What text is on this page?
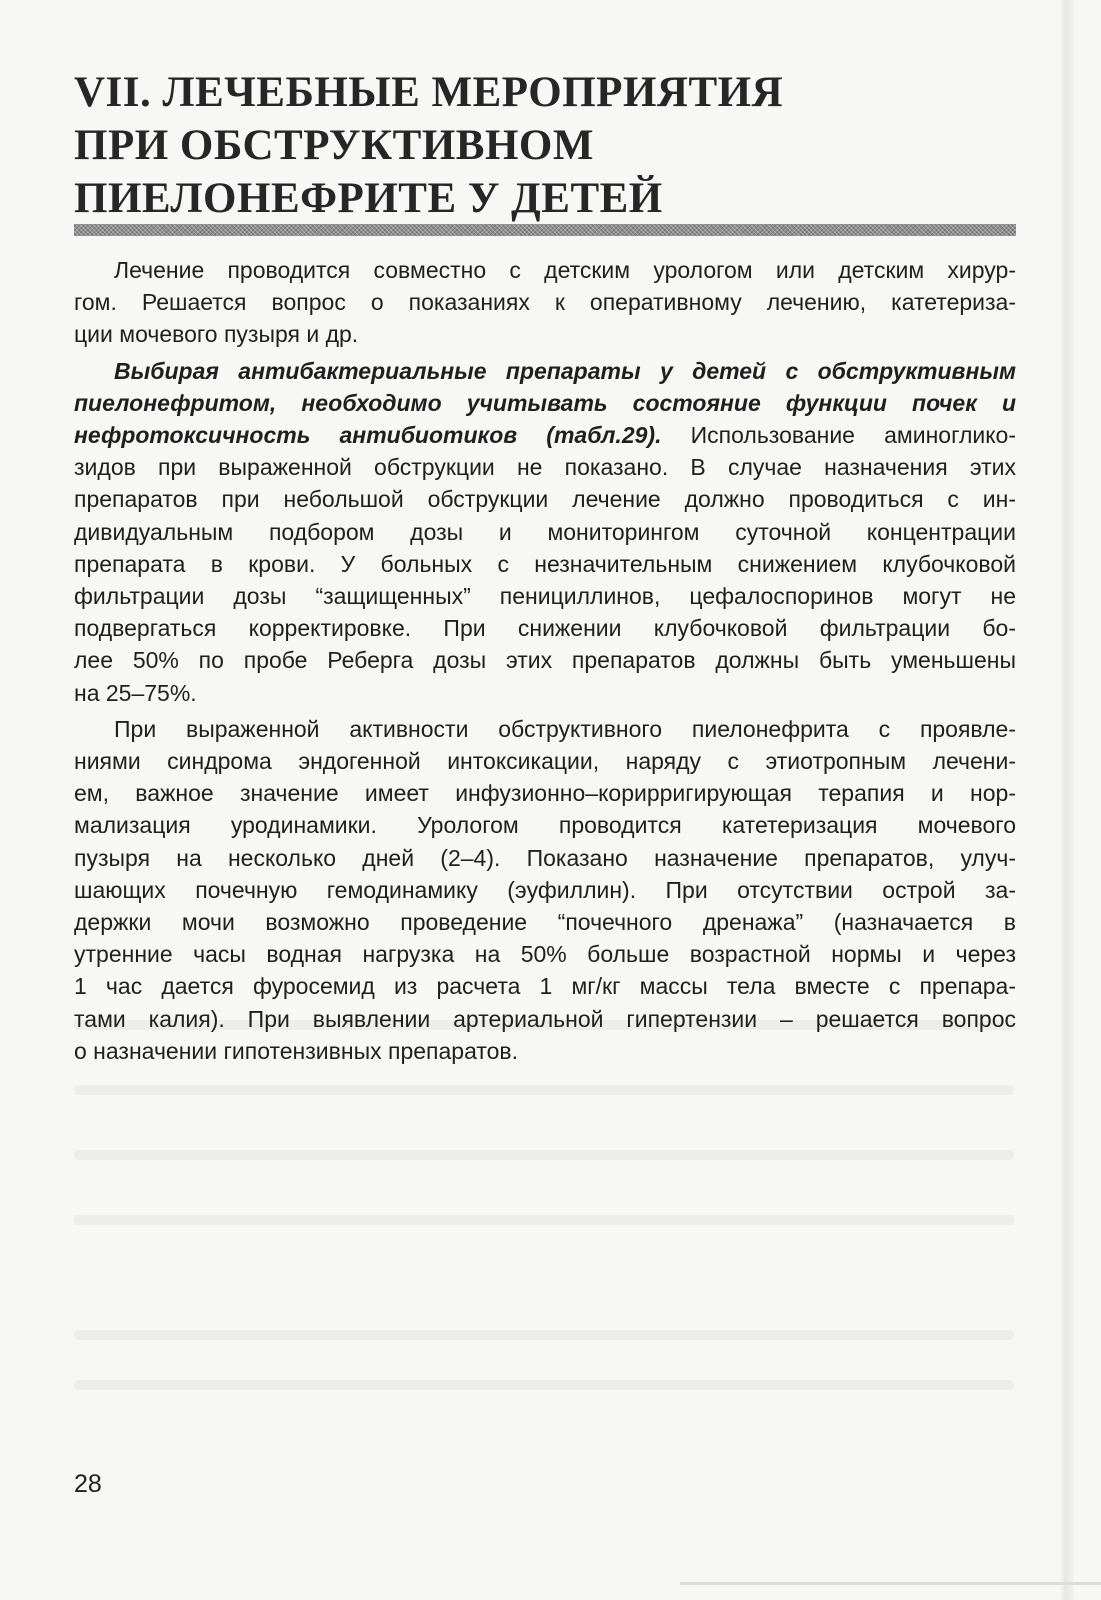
VII. ЛЕЧЕБНЫЕ МЕРОПРИЯТИЯ
ПРИ ОБСТРУКТИВНОМ
ПИЕЛОНЕФРИТЕ У ДЕТЕЙ
Лечение проводится совместно с детским урологом или детским хирур-
гом. Решается вопрос о показаниях к оперативному лечению, катетериза-
ции мочевого пузыря и др.
Выбирая антибактериальные препараты у детей с обструктивным
пиелонефритом, необходимо учитывать состояние функции почек и
нефротоксичность антибиотиков (табл.29). Использование аминоглико-
зидов при выраженной обструкции не показано. В случае назначения этих
препаратов при небольшой обструкции лечение должно проводиться с ин-
дивидуальным подбором дозы и мониторингом суточной концентрации
препарата в крови. У больных с незначительным снижением клубочковой
фильтрации дозы “защищенных” пенициллинов, цефалоспоринов могут не
подвергаться корректировке. При снижении клубочковой фильтрации бо-
лее 50% по пробе Реберга дозы этих препаратов должны быть уменьшены
на 25–75%.
При выраженной активности обструктивного пиелонефрита с проявле-
ниями синдрома эндогенной интоксикации, наряду с этиотропным лечени-
ем, важное значение имеет инфузионно–корирригирующая терапия и нор-
мализация уродинамики. Урологом проводится катетеризация мочевого
пузыря на несколько дней (2–4). Показано назначение препаратов, улуч-
шающих почечную гемодинамику (эуфиллин). При отсутствии острой за-
держки мочи возможно проведение “почечного дренажа” (назначается в
утренние часы водная нагрузка на 50% больше возрастной нормы и через
1 час дается фуросемид из расчета 1 мг/кг массы тела вместе с препара-
тами калия). При выявлении артериальной гипертензии – решается вопрос
о назначении гипотензивных препаратов.
28
